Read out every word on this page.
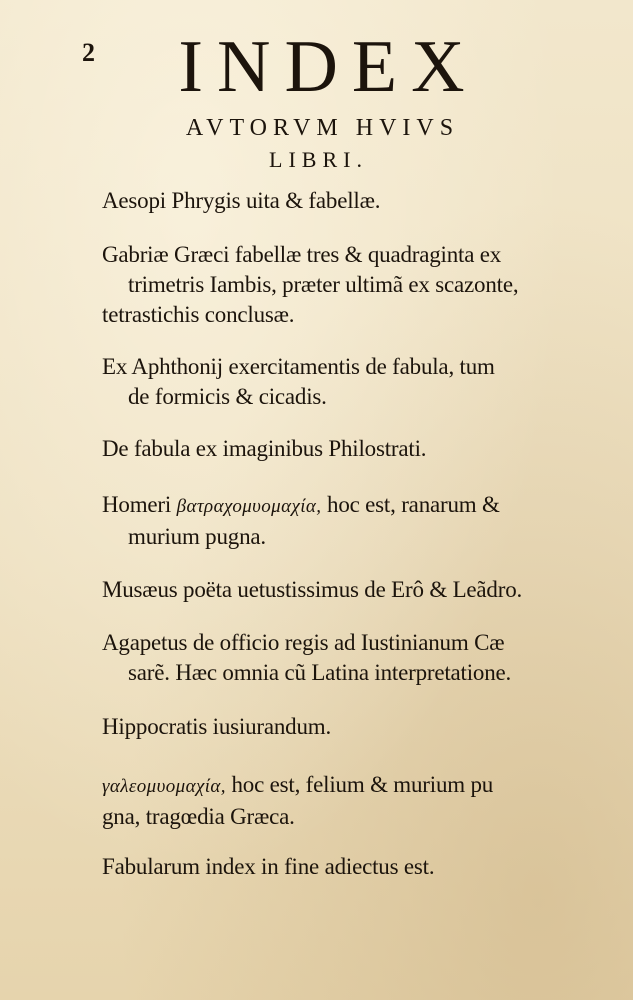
2	INDEX
AVTORVM HVIVS
LIBRI.
Aesopi Phrygis uita & fabellæ.
Gabriæ Græci fabellæ tres & quadraginta ex
trimetris Iambis, præter ultimã ex scazonte,
tetrastichis conclusæ.
Ex Aphthonij exercitamentis de fabula, tum
de formicis & cicadis.
De fabula ex imaginibus Philostrati.
Homeri βατραχομυομαχία, hoc est, ranarum &
murium pugna.
Musæus poëta uetustissimus de Erô & Leãdro.
Agapetus de officio regis ad Iustinianum Cæ
sarẽ. Hæc omnia cũ Latina interpretatione.
Hippocratis iusiurandum.
γαλεομυομαχία, hoc est, felium & murium pu
gna, tragœdia Græca.
Fabularum index in fine adiectus est.
